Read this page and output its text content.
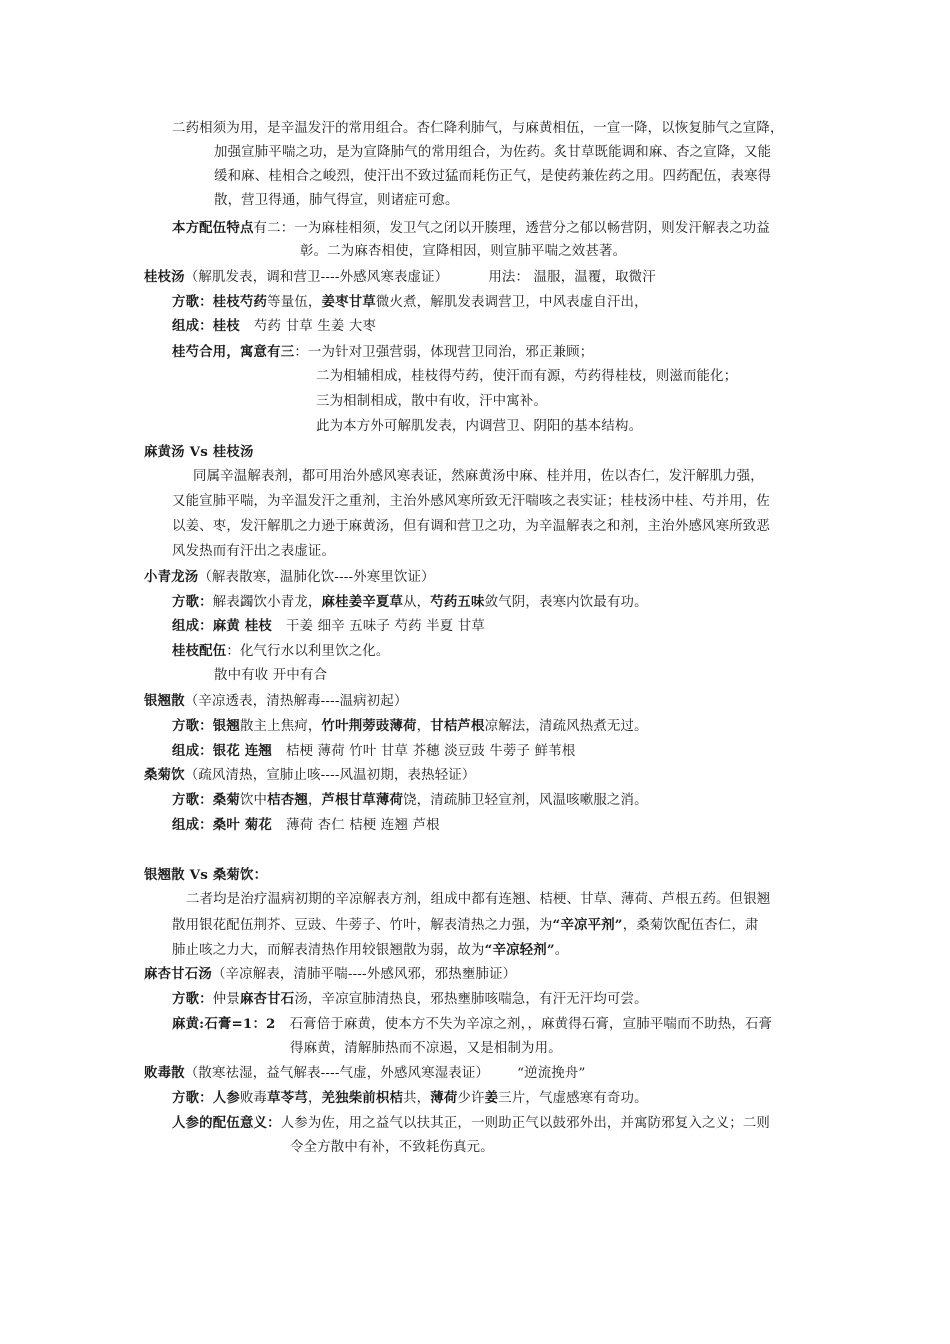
二药相须为用，是辛温发汗的常用组合。杏仁降利肺气，与麻黄相伍，一宣一降，以恢复肺气之宣降，
加强宣肺平喘之功，是为宣降肺气的常用组合，为佐药。炙甘草既能调和麻、杏之宣降，又能
缓和麻、桂相合之峻烈，使汗出不致过猛而耗伤正气，是使药兼佐药之用。四药配伍，表寒得
散，营卫得通，肺气得宣，则诸症可愈。
本方配伍特点有二：一为麻桂相须，发卫气之闭以开腠理，透营分之郁以畅营阴，则发汗解表之功益
彰。二为麻杏相使，宣降相因，则宣肺平喘之效甚著。
桂枝汤（解肌发表，调和营卫----外感风寒表虚证）	用法： 温服，温覆，取微汗
方歌：桂枝芍药等量伍，姜枣甘草微火煮，解肌发表调营卫，中风表虚自汗出，
组成：桂枝 芍药 甘草 生姜 大枣
桂芍合用，寓意有三：一为针对卫强营弱，体现营卫同治，邪正兼顾；
二为相辅相成，桂枝得芍药，使汗而有源，芍药得桂枝，则滋而能化；
三为相制相成，散中有收，汗中寓补。
此为本方外可解肌发表，内调营卫、阴阳的基本结构。
麻黄汤 Vs 桂枝汤
同属辛温解表剂，都可用治外感风寒表证，然麻黄汤中麻、桂并用，佐以杏仁，发汗解肌力强，
又能宣肺平喘，为辛温发汗之重剂，主治外感风寒所致无汗喘咳之表实证；桂枝汤中桂、芍并用，佐
以姜、枣，发汗解肌之力逊于麻黄汤，但有调和营卫之功，为辛温解表之和剂，主治外感风寒所致恶
风发热而有汗出之表虚证。
小青龙汤（解表散寒，温肺化饮----外寒里饮证）
方歌：解表蠲饮小青龙，麻桂姜辛夏草从，芍药五味敛气阴，表寒内饮最有功。
组成：麻黄 桂枝 干姜 细辛 五味子 芍药 半夏 甘草
桂枝配伍：化气行水以利里饮之化。
散中有收 开中有合
银翘散（辛凉透表，清热解毒----温病初起）
方歌：银翘散主上焦疴，竹叶荆蒡豉薄荷，甘桔芦根凉解法，清疏风热煮无过。
组成：银花 连翘 桔梗 薄荷 竹叶 甘草 芥穗 淡豆豉 牛蒡子 鲜苇根
桑菊饮（疏风清热，宣肺止咳----风温初期，表热轻证）
方歌：桑菊饮中桔杏翘，芦根甘草薄荷饶，清疏肺卫轻宣剂，风温咳嗽服之消。
组成：桑叶 菊花 薄荷 杏仁 桔梗 连翘 芦根
银翘散 Vs 桑菊饮：
二者均是治疗温病初期的辛凉解表方剂，组成中都有连翘、桔梗、甘草、薄荷、芦根五药。但银翘
散用银花配伍荆芥、豆豉、牛蒡子、竹叶，解表清热之力强，为“辛凉平剂”，桑菊饮配伍杏仁，肃
肺止咳之力大，而解表清热作用较银翘散为弱，故为“辛凉轻剂”。
麻杏甘石汤（辛凉解表，清肺平喘----外感风邪，邪热壅肺证）
方歌：仲景麻杏甘石汤，辛凉宣肺清热良，邪热壅肺咳喘急，有汗无汗均可尝。
麻黄:石膏=1：2 石膏倍于麻黄，使本方不失为辛凉之剂，，麻黄得石膏，宣肺平喘而不助热，石膏
得麻黄，清解肺热而不凉遏，又是相制为用。
败毒散（散寒祛湿，益气解表----气虚，外感风寒湿表证） “逆流挽舟”
方歌：人参败毒草苓芎，羌独柴前枳桔共，薄荷少许姜三片，气虚感寒有奇功。
人参的配伍意义：人参为佐，用之益气以扶其正，一则助正气以鼓邪外出，并寓防邪复入之义；二则
令全方散中有补，不致耗伤真元。
